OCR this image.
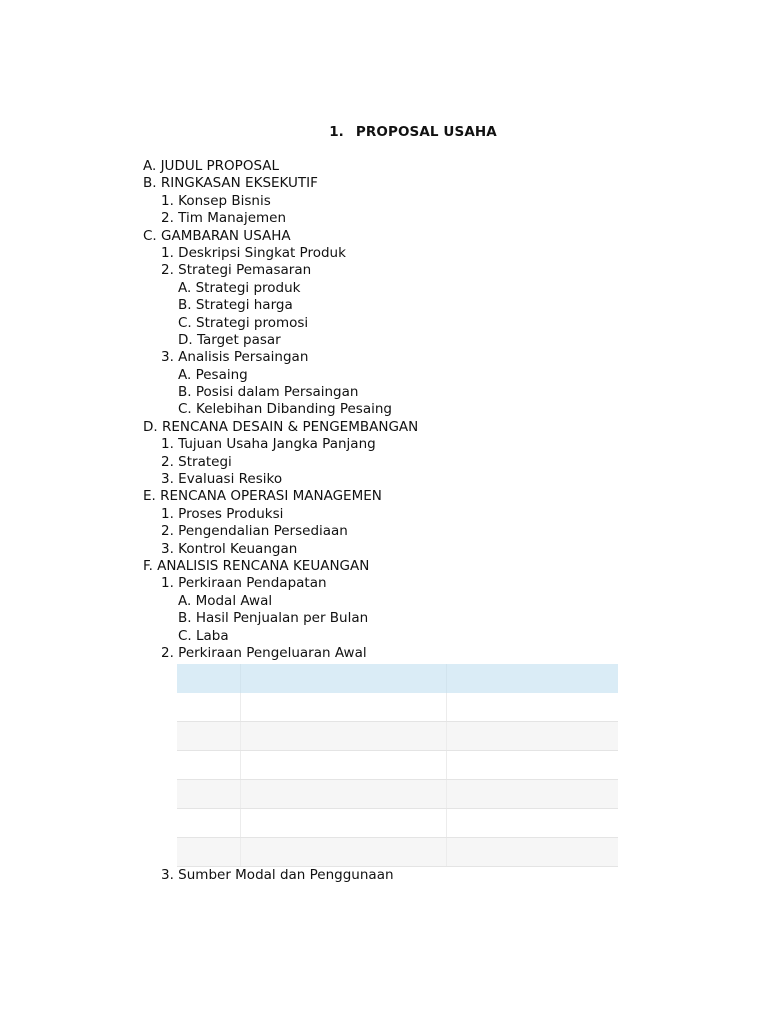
1. PROPOSAL USAHA
A. JUDUL PROPOSAL
B. RINGKASAN EKSEKUTIF
1. Konsep Bisnis
2. Tim Manajemen
C. GAMBARAN USAHA
1. Deskripsi Singkat Produk
2. Strategi Pemasaran
A. Strategi produk
B. Strategi harga
C. Strategi promosi
D. Target pasar
3. Analisis Persaingan
A. Pesaing
B. Posisi dalam Persaingan
C. Kelebihan Dibanding Pesaing
D. RENCANA DESAIN & PENGEMBANGAN
1. Tujuan Usaha Jangka Panjang
2. Strategi
3. Evaluasi Resiko
E. RENCANA OPERASI MANAGEMEN
1. Proses Produksi
2. Pengendalian Persediaan
3. Kontrol Keuangan
F. ANALISIS RENCANA KEUANGAN
1. Perkiraan Pendapatan
A. Modal Awal
B. Hasil Penjualan per Bulan
C. Laba
2. Perkiraan Pengeluaran Awal
3. Sumber Modal dan Penggunaan
